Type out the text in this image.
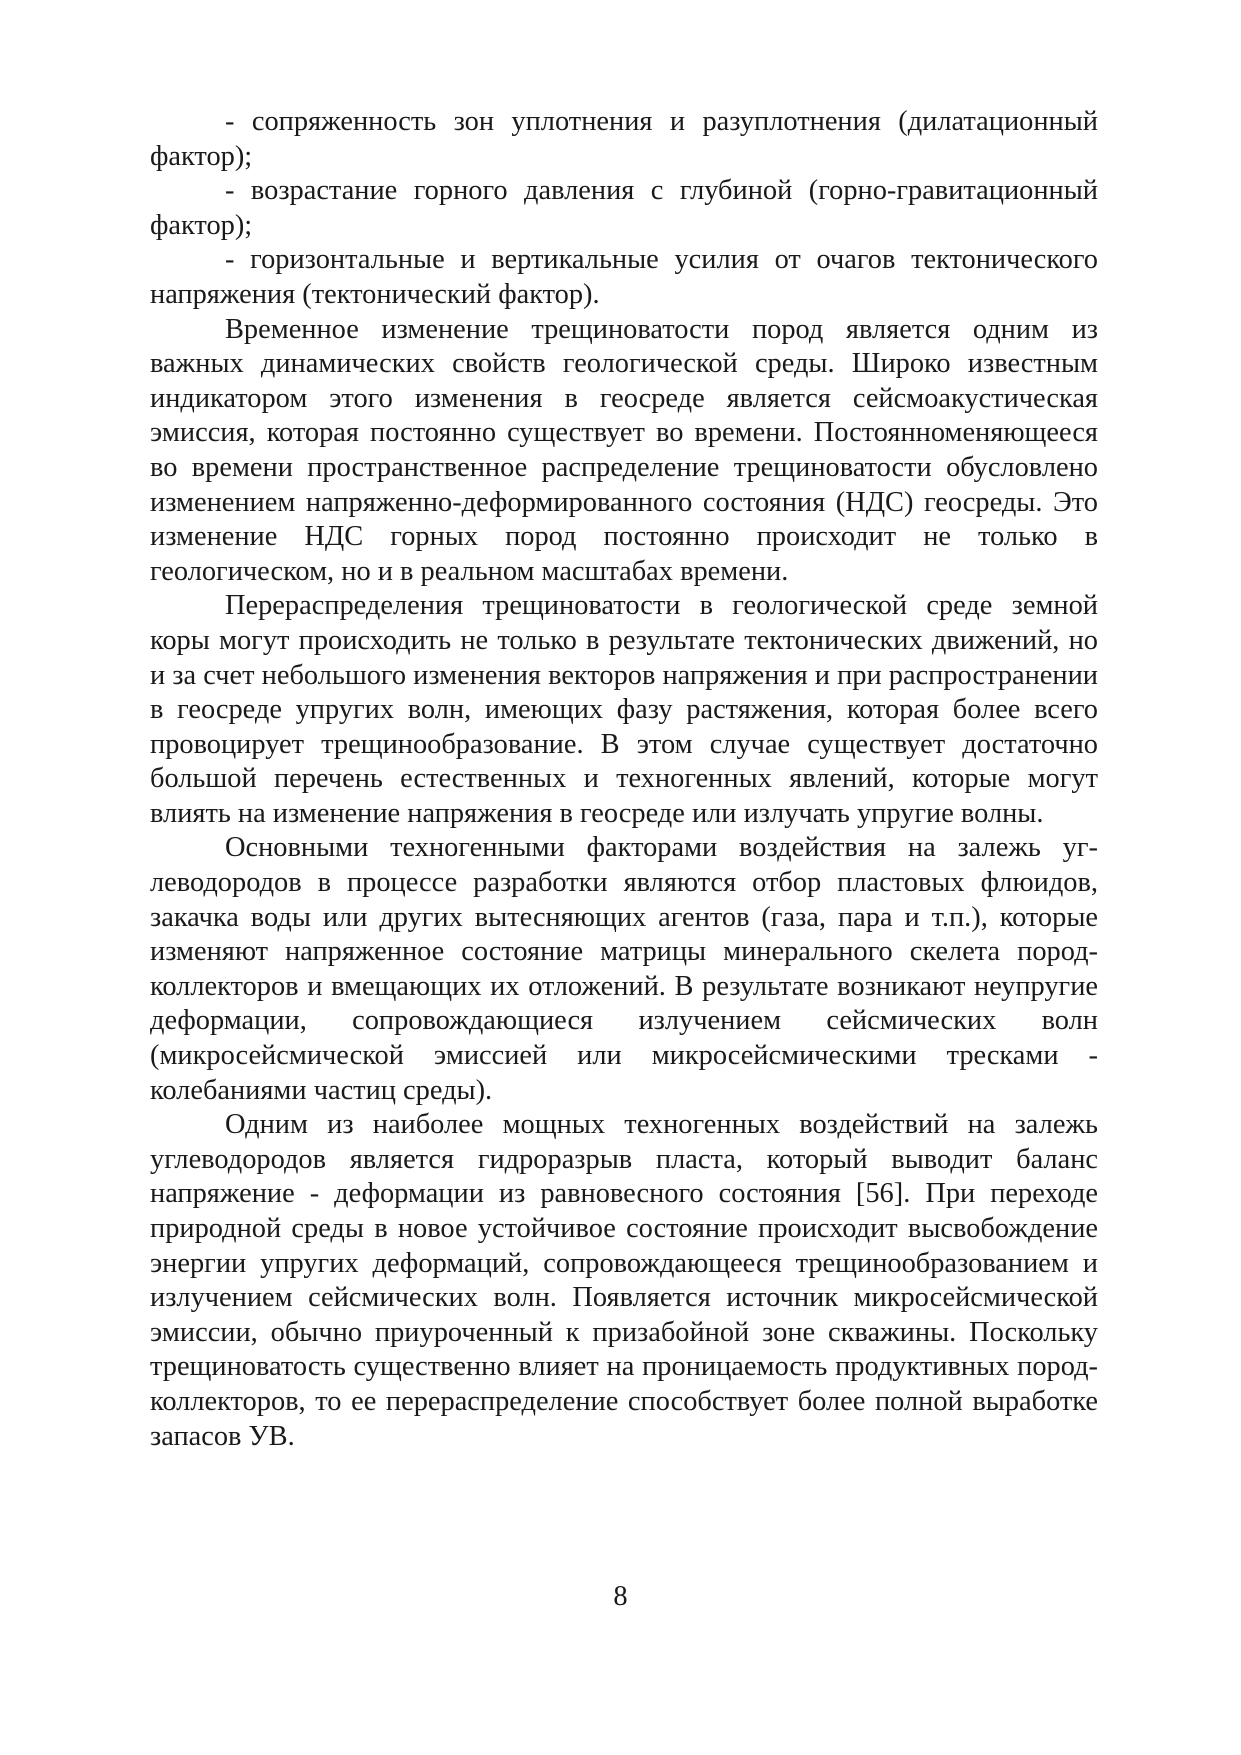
- сопряженность зон уплотнения и разуплотнения (дилатационный фактор);

- возрастание горного давления с глубиной (горно-гравитационный фактор);

- горизонтальные и вертикальные усилия от очагов тектонического напряжения (тектонический фактор).

Временное изменение трещиноватости пород является одним из важных динамических свойств геологической среды. Широко известным индикатором этого изменения в геосреде является сейсмоакустическая эмиссия, которая постоянно существует во времени. Постоянноменяющееся во времени пространственное распределение трещиноватости обусловлено изменением напряженно-деформированного состояния (НДС) геосреды. Это изменение НДС горных пород постоянно происходит не только в геологическом, но и в реальном масштабах времени.

Перераспределения трещиноватости в геологической среде земной коры могут происходить не только в результате тектонических движений, но и за счет небольшого изменения векторов напряжения и при распространении в геосреде упругих волн, имеющих фазу растяжения, которая более всего провоцирует трещинообразование. В этом случае существует достаточно большой перечень естественных и техногенных явлений, которые могут влиять на изменение напряжения в геосреде или излучать упругие волны.

Основными техногенными факторами воздействия на залежь углеводородов в процессе разработки являются отбор пластовых флюидов, закачка воды или других вытесняющих агентов (газа, пара и т.п.), которые изменяют напряженное состояние матрицы минерального скелета пород-коллекторов и вмещающих их отложений. В результате возникают неупругие деформации, сопровождающиеся излучением сейсмических волн (микросейсмической эмиссией или микросейсмическими тресками - колебаниями частиц среды).

Одним из наиболее мощных техногенных воздействий на залежь углеводородов является гидроразрыв пласта, который выводит баланс напряжение - деформации из равновесного состояния [56]. При переходе природной среды в новое устойчивое состояние происходит высвобождение энергии упругих деформаций, сопровождающееся трещинообразованием и излучением сейсмических волн. Появляется источник микросейсмической эмиссии, обычно приуроченный к призабойной зоне скважины. Поскольку трещиноватость существенно влияет на проницаемость продуктивных пород-коллекторов, то ее перераспределение способствует более полной выработке запасов УВ.

8
